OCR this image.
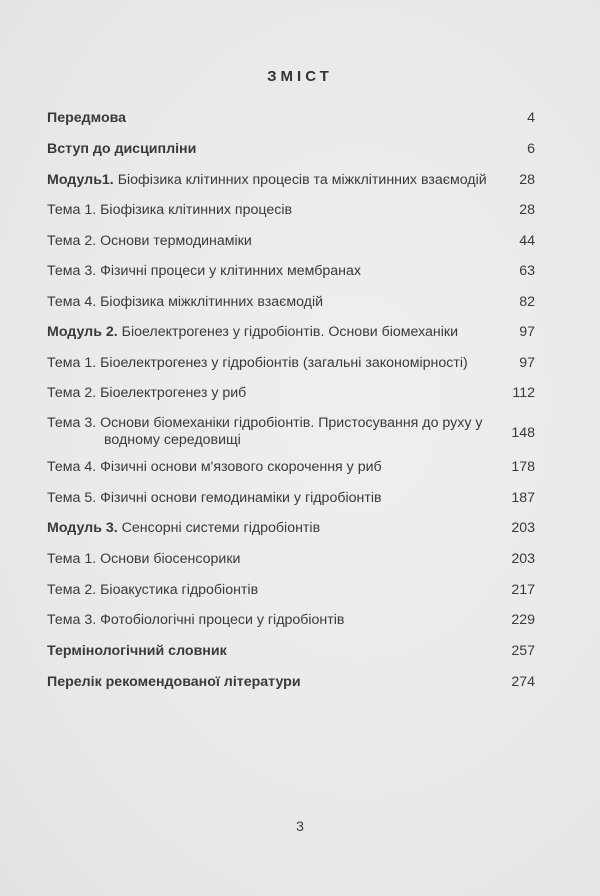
ЗМІСТ
Передмова	4
Вступ до дисципліни	6
Модуль1. Біофізика клітинних процесів та міжклітинних взаємодій	28
Тема 1. Біофізика клітинних процесів	28
Тема 2. Основи термодинаміки	44
Тема 3. Фізичні процеси у клітинних мембранах	63
Тема 4. Біофізика міжклітинних взаємодій	82
Модуль 2. Біоелектрогенез у гідробіонтів. Основи біомеханіки	97
Тема 1. Біоелектрогенез у гідробіонтів (загальні закономірності)	97
Тема 2. Біоелектрогенез у риб	112
Тема 3. Основи біомеханіки гідробіонтів. Пристосування до руху у
водному середовищі	148
Тема 4. Фізичні основи м'язового скорочення у риб	178
Тема 5. Фізичні основи гемодинаміки у гідробіонтів	187
Модуль 3. Сенсорні системи гідробіонтів	203
Тема 1. Основи біосенсорики	203
Тема 2. Біоакустика гідробіонтів	217
Тема 3. Фотобіологічні процеси у гідробіонтів	229
Термінологічний словник	257
Перелік рекомендованої літератури	274
3
